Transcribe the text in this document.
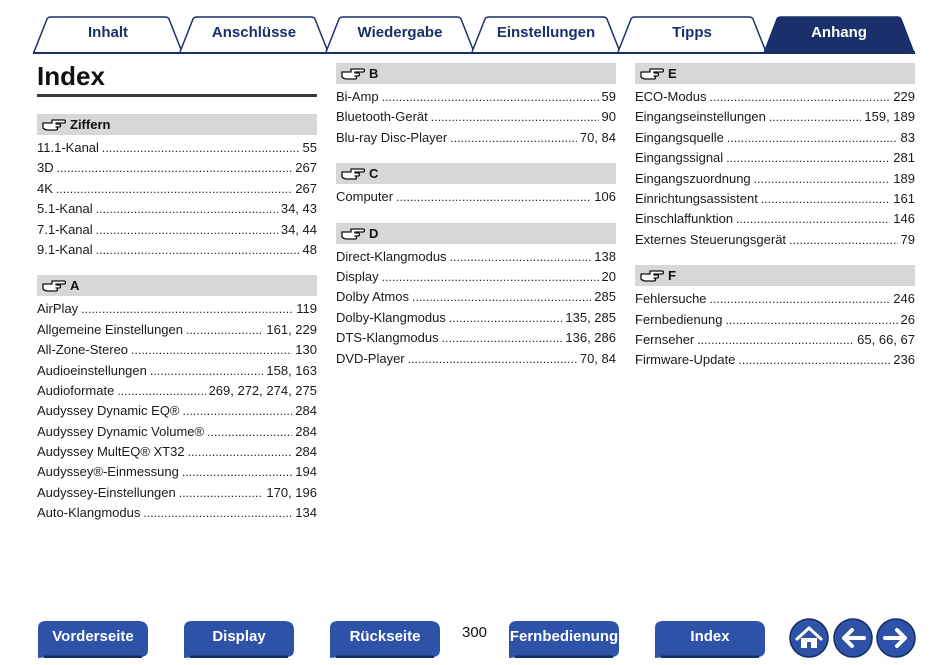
Inhalt	Anschlüsse	Wiedergabe	Einstellungen	Tipps	Anhang
Index
Ziffern
11.1-Kanal . . .	55
3D . . .	267
4K . . .	267
5.1-Kanal . . .	34, 43
7.1-Kanal . . .	34, 44
9.1-Kanal . . .	48
A
AirPlay . . .	119
Allgemeine Einstellungen . . .	161, 229
All-Zone-Stereo . . .	130
Audioeinstellungen . . .	158, 163
Audioformate . . .	269, 272, 274, 275
Audyssey Dynamic EQ® . . .	284
Audyssey Dynamic Volume® . . .	284
Audyssey MultEQ® XT32 . . .	284
Audyssey®-Einmessung . . .	194
Audyssey-Einstellungen . . .	170, 196
Auto-Klangmodus . . .	134
B
Bi-Amp . . .	59
Bluetooth-Gerät . . .	90
Blu-ray Disc-Player . . .	70, 84
C
Computer . . .	106
D
Direct-Klangmodus . . .	138
Display . . .	20
Dolby Atmos . . .	285
Dolby-Klangmodus . . .	135, 285
DTS-Klangmodus . . .	136, 286
DVD-Player . . .	70, 84
E
ECO-Modus . . .	229
Eingangseinstellungen . . .	159, 189
Eingangsquelle . . .	83
Eingangssignal . . .	281
Eingangszuordnung . . .	189
Einrichtungsassistent . . .	161
Einschlaffunktion . . .	146
Externes Steuerungsgerät . . .	79
F
Fehlersuche . . .	246
Fernbedienung . . .	26
Fernseher . . .	65, 66, 67
Firmware-Update . . .	236
Vorderseite	Display	Rückseite	300 Fernbedienung	Index
